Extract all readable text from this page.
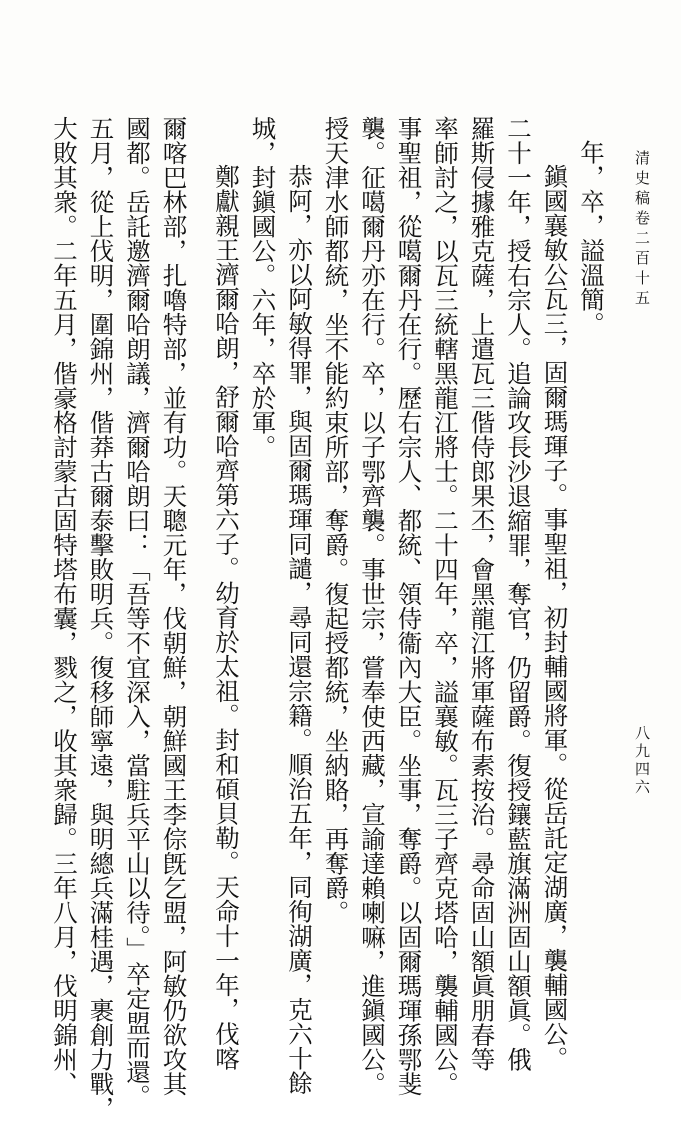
清史稿卷二百十五
八九四六
年，卒，謚溫簡。
鎭國襄敏公瓦三，固爾瑪琿子。事聖祖，初封輔國將軍。從岳託定湖廣，襲輔國公。
二十一年，授右宗人。追論攻長沙退縮罪，奪官，仍留爵。復授鑲藍旗滿洲固山額眞。俄
羅斯侵據雅克薩，上遣瓦三偕侍郎果丕，會黑龍江將軍薩布素按治。尋命固山額眞朋春等
率師討之，以瓦三統轄黑龍江將士。二十四年，卒，謚襄敏。瓦三子齊克塔哈，襲輔國公。
事聖祖，從噶爾丹在行。歷右宗人、都統、領侍衞內大臣。坐事，奪爵。以固爾瑪琿孫鄂斐
襲。征噶爾丹亦在行。卒，以子鄂齊襲。事世宗，嘗奉使西藏，宣諭達賴喇嘛，進鎭國公。
授天津水師都統，坐不能約束所部，奪爵。復起授都統，坐納賂，再奪爵。
恭阿，亦以阿敏得罪，與固爾瑪琿同譴，尋同還宗籍。順治五年，同徇湖廣，克六十餘
城，封鎭國公。六年，卒於軍。
鄭獻親王濟爾哈朗，舒爾哈齊第六子。幼育於太祖。封和碩貝勒。天命十一年，伐喀
爾喀巴林部，扎嚕特部，並有功。天聰元年，伐朝鮮，朝鮮國王李倧旣乞盟，阿敏仍欲攻其
國都。岳託邀濟爾哈朗議，濟爾哈朗曰：「吾等不宜深入，當駐兵平山以待。」卒定盟而還。
五月，從上伐明，圍錦州，偕莽古爾泰擊敗明兵。復移師寧遠，與明總兵滿桂遇，裹創力戰，
大敗其衆。二年五月，偕豪格討蒙古固特塔布囊，戮之，收其衆歸。三年八月，伐明錦州、
